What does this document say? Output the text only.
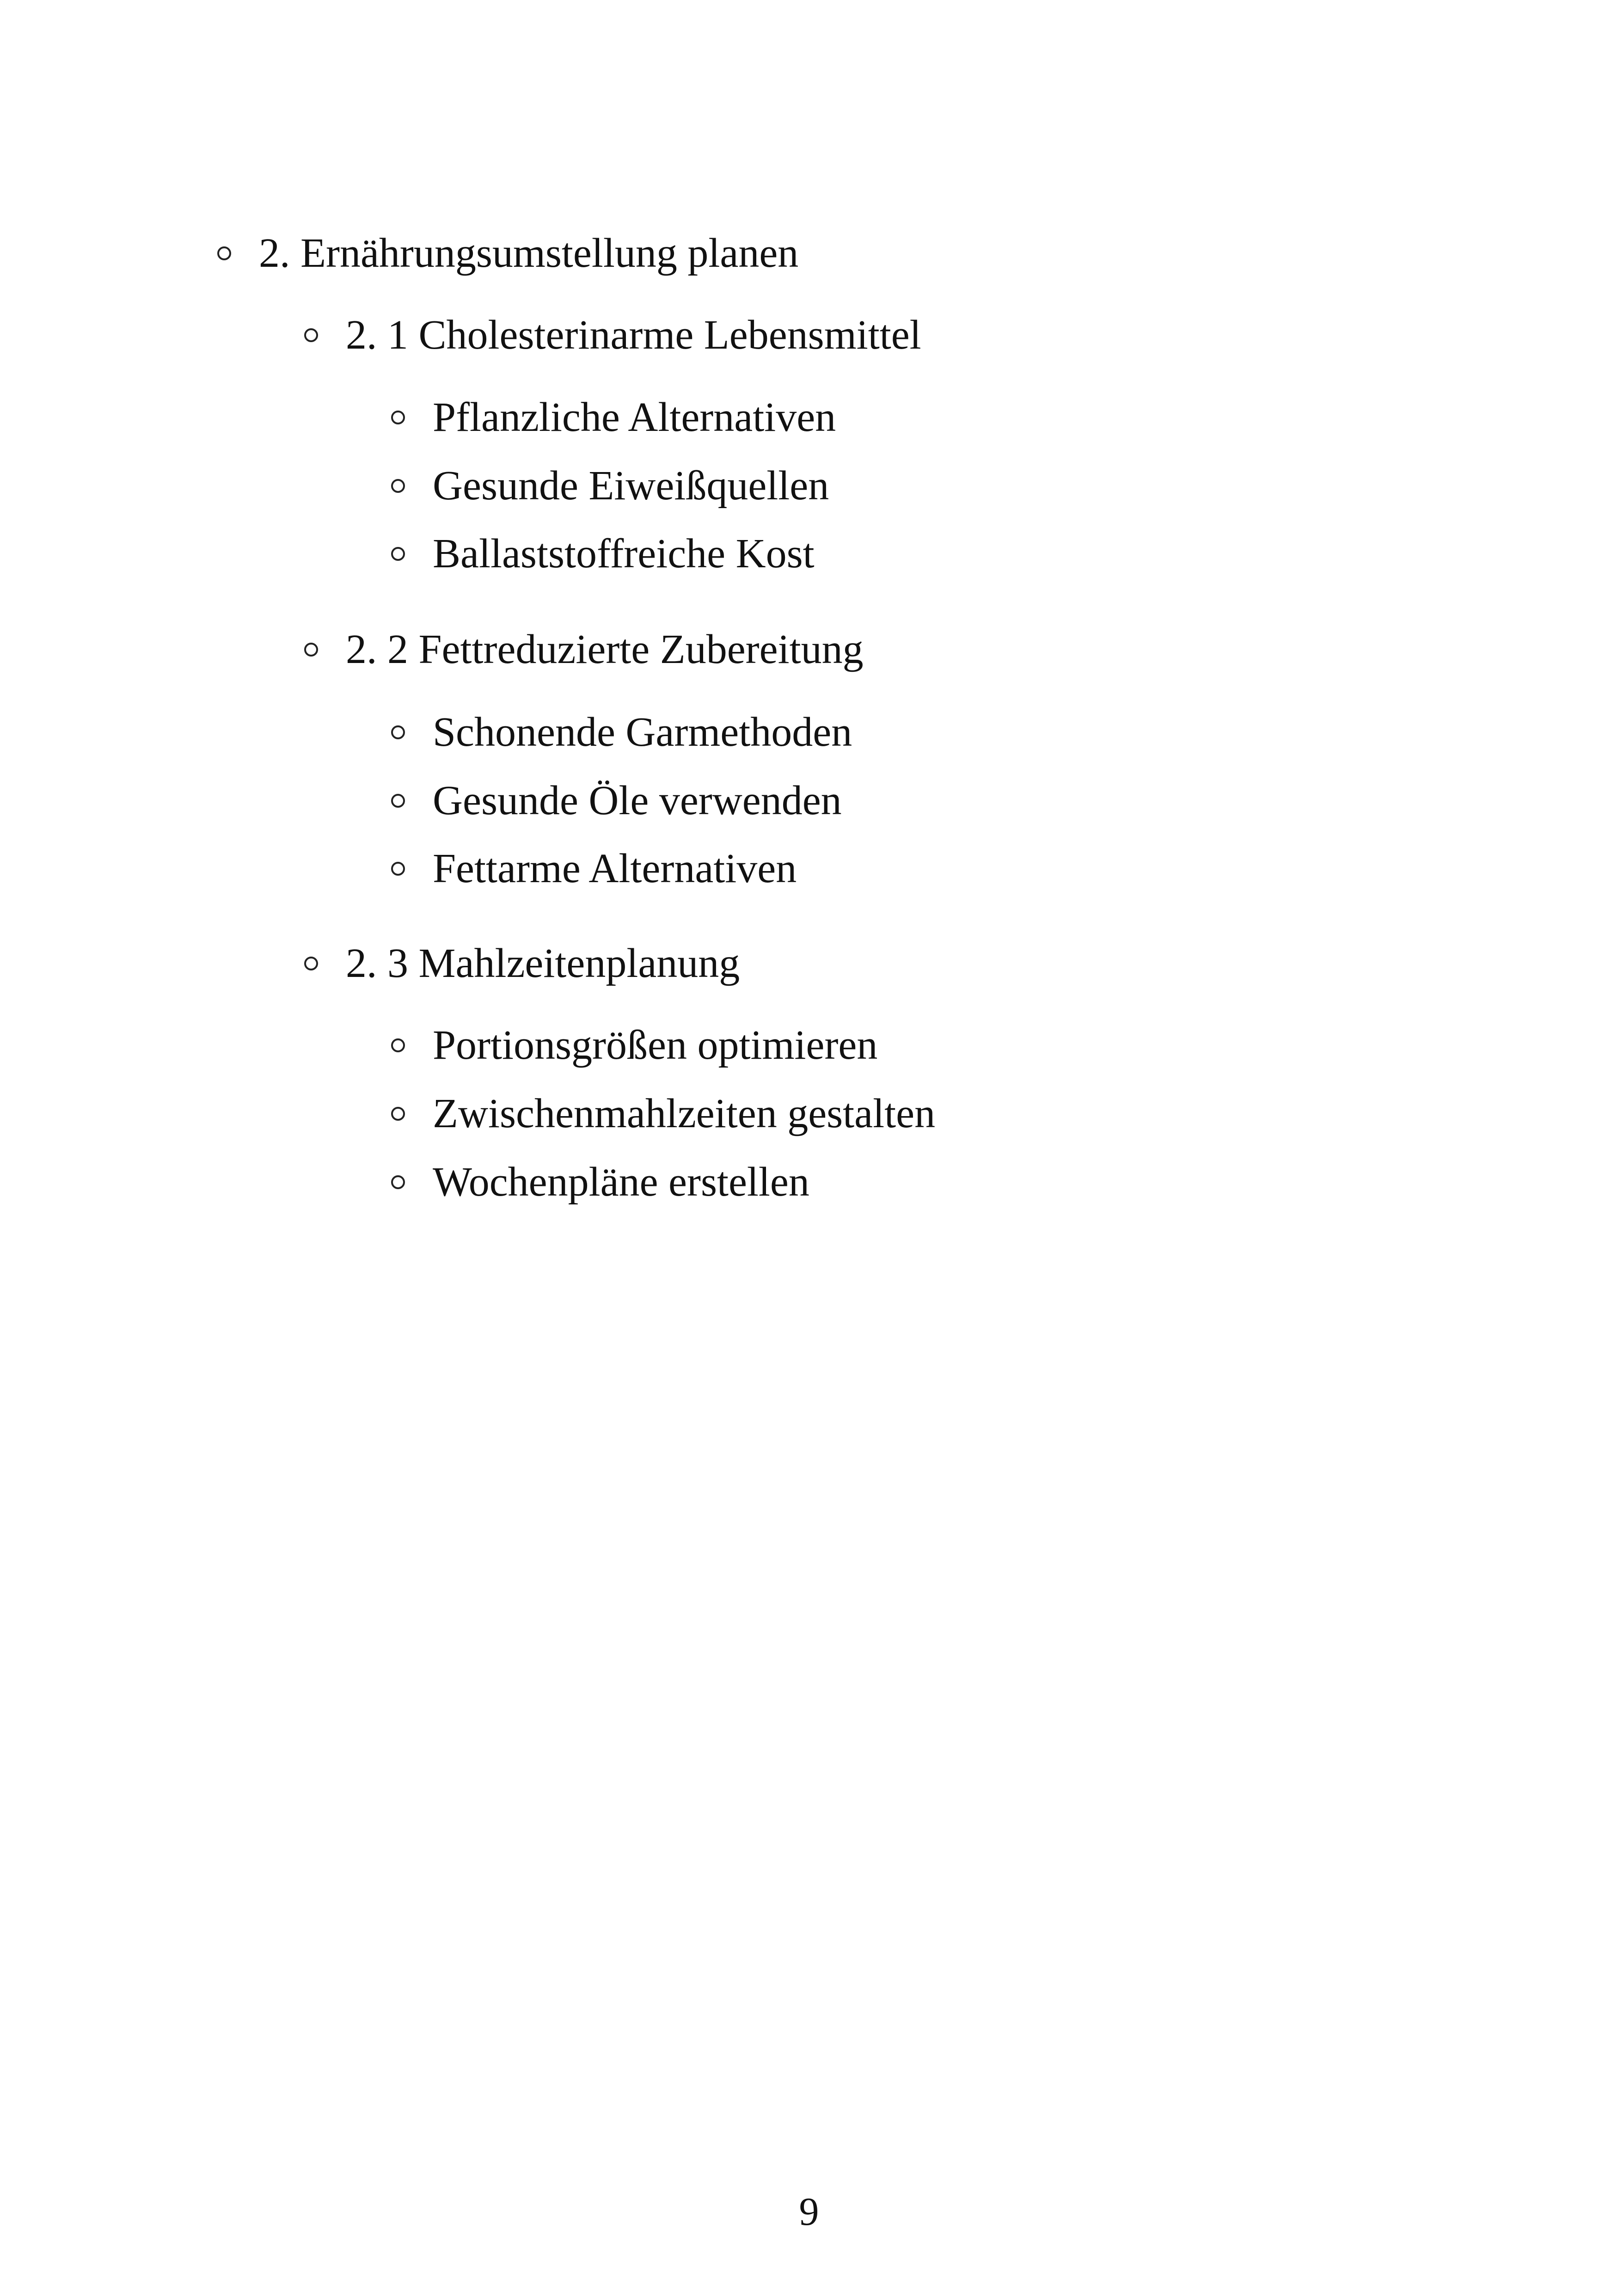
2. Ernährungsumstellung planen
2. 1 Cholesterinarme Lebensmittel
Pflanzliche Alternativen
Gesunde Eiweißquellen
Ballaststoffreiche Kost
2. 2 Fettreduzierte Zubereitung
Schonende Garmethoden
Gesunde Öle verwenden
Fettarme Alternativen
2. 3 Mahlzeitenplanung
Portionsgrößen optimieren
Zwischenmahlzeiten gestalten
Wochenpläne erstellen
9
